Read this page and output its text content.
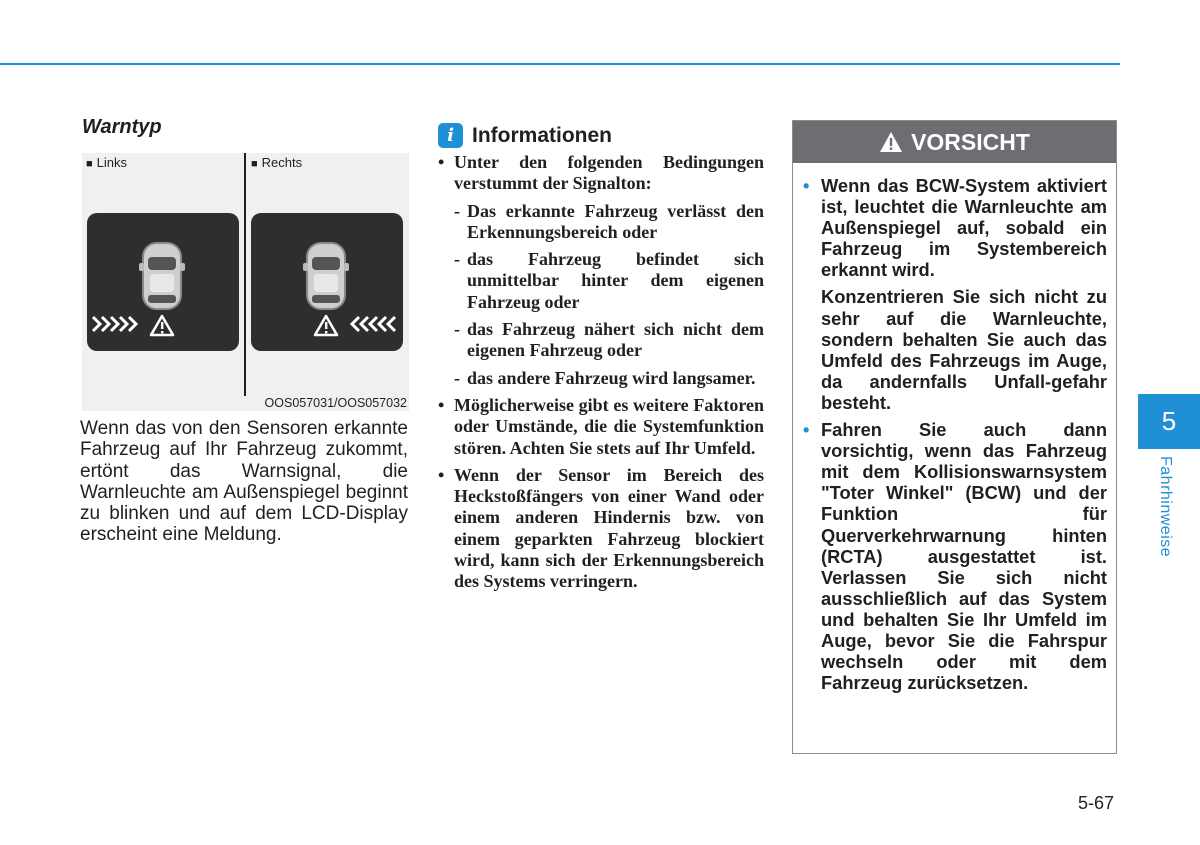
Warntyp
■ Links	■ Rechts
OOS057031/OOS057032

Wenn das von den Sensoren erkannte Fahrzeug auf Ihr Fahrzeug zukommt, ertönt das Warnsignal, die Warnleuchte am Außenspiegel beginnt zu blinken und auf dem LCD-Display erscheint eine Meldung.

i Informationen
• Unter den folgenden Bedingungen verstummt der Signalton:
- Das erkannte Fahrzeug verlässt den Erkennungsbereich oder
- das Fahrzeug befindet sich unmittelbar hinter dem eigenen Fahrzeug oder
- das Fahrzeug nähert sich nicht dem eigenen Fahrzeug oder
- das andere Fahrzeug wird langsamer.
• Möglicherweise gibt es weitere Faktoren oder Umstände, die die Systemfunktion stören. Achten Sie stets auf Ihr Umfeld.
• Wenn der Sensor im Bereich des Heckstoßfängers von einer Wand oder einem anderen Hindernis bzw. von einem geparkten Fahrzeug blockiert wird, kann sich der Erkennungsbereich des Systems verringern.
VORSICHT

• Wenn das BCW-System aktiviert ist, leuchtet die Warnleuchte am Außenspiegel auf, sobald ein Fahrzeug im Systembereich erkannt wird.

Konzentrieren Sie sich nicht zu sehr auf die Warnleuchte, sondern behalten Sie auch das Umfeld des Fahrzeugs im Auge, da andernfalls Unfall-gefahr besteht.

• Fahren Sie auch dann vorsichtig, wenn das Fahrzeug mit dem Kollisionswarnsystem "Toter Winkel" (BCW) und der Funktion für Querverkehrwarnung hinten (RCTA) ausgestattet ist. Verlassen Sie sich nicht ausschließlich auf das System und behalten Sie Ihr Umfeld im Auge, bevor Sie die Fahrspur wechseln oder mit dem Fahrzeug zurücksetzen.
5
Fahrhinweise
5-67
